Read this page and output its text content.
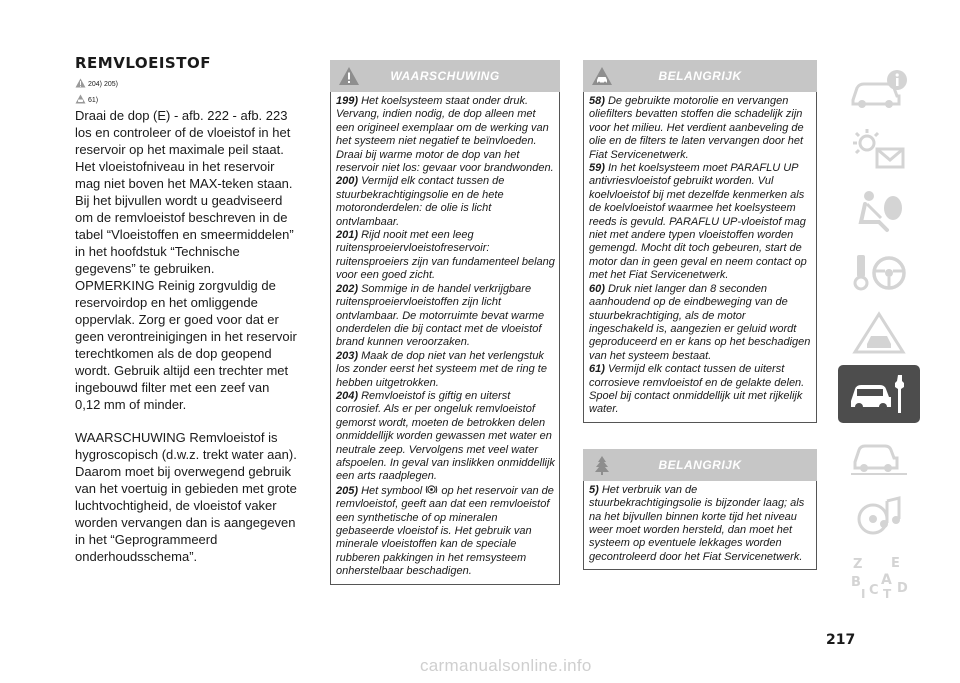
REMVLOEISTOF
204) 205)
61)

Draai de dop (E) - afb. 222 - afb. 223 los en controleer of de vloeistof in het reservoir op het maximale peil staat.

Het vloeistofniveau in het reservoir mag niet boven het MAX-teken staan. Bij het bijvullen wordt u geadviseerd om de remvloeistof beschreven in de tabel “Vloeistoffen en smeermiddelen” in het hoofdstuk “Technische gegevens” te gebruiken.

OPMERKING Reinig zorgvuldig de reservoirdop en het omliggende oppervlak. Zorg er goed voor dat er geen verontreinigingen in het reservoir terechtkomen als de dop geopend wordt. Gebruik altijd een trechter met ingebouwd filter met een zeef van 0,12 mm of minder.

WAARSCHUWING Remvloeistof is hygroscopisch (d.w.z. trekt water aan). Daarom moet bij overwegend gebruik van het voertuig in gebieden met grote luchtvochtigheid, de vloeistof vaker worden vervangen dan is aangegeven in het “Geprogrammeerd onderhoudsschema”.

WAARSCHUWING
199) Het koelsysteem staat onder druk. Vervang, indien nodig, de dop alleen met een origineel exemplaar om de werking van het systeem niet negatief te beïnvloeden. Draai bij warme motor de dop van het reservoir niet los: gevaar voor brandwonden.
200) Vermijd elk contact tussen de stuurbekrachtigingsolie en de hete motoronderdelen: de olie is licht ontvlambaar.
201) Rijd nooit met een leeg ruitensproeiervloeistofreservoir: ruitensproeiers zijn van fundamenteel belang voor een goed zicht.
202) Sommige in de handel verkrijgbare ruitensproeiervloeistoffen zijn licht ontvlambaar. De motorruimte bevat warme onderdelen die bij contact met de vloeistof brand kunnen veroorzaken.
203) Maak de dop niet van het verlengstuk los zonder eerst het systeem met de ring te hebben uitgetrokken.
204) Remvloeistof is giftig en uiterst corrosief. Als er per ongeluk remvloeistof gemorst wordt, moeten de betrokken delen onmiddellijk worden gewassen met water en neutrale zeep. Vervolgens met veel water afspoelen. In geval van inslikken onmiddellijk een arts raadplegen.
205) Het symbool op het reservoir van de remvloeistof, geeft aan dat een remvloeistof een synthetische of op mineralen gebaseerde vloeistof is. Het gebruik van minerale vloeistoffen kan de speciale rubberen pakkingen in het remsysteem onherstelbaar beschadigen.
BELANGRIJK
58) De gebruikte motorolie en vervangen oliefilters bevatten stoffen die schadelijk zijn voor het milieu. Het verdient aanbeveling de olie en de filters te laten vervangen door het Fiat Servicenetwerk.
59) In het koelsysteem moet PARAFLU UP antivriesvloeistof gebruikt worden. Vul koelvloeistof bij met dezelfde kenmerken als de koelvloeistof waarmee het koelsysteem reeds is gevuld. PARAFLU UP-vloeistof mag niet met andere typen vloeistoffen worden gemengd. Mocht dit toch gebeuren, start de motor dan in geen geval en neem contact op met het Fiat Servicenetwerk.
60) Druk niet langer dan 8 seconden aanhoudend op de eindbeweging van de stuurbekrachtiging, als de motor ingeschakeld is, aangezien er geluid wordt geproduceerd en er kans op het beschadigen van het systeem bestaat.
61) Vermijd elk contact tussen de uiterst corrosieve remvloeistof en de gelakte delen. Spoel bij contact onmiddellijk uit met rijkelijk water.
BELANGRIJK
5) Het verbruik van de stuurbekrachtigingsolie is bijzonder laag; als na het bijvullen binnen korte tijd het niveau weer moet worden hersteld, dan moet het systeem op eventuele lekkages worden gecontroleerd door het Fiat Servicenetwerk.
Z E
B A
I C T D
217
carmanualsonline.info
